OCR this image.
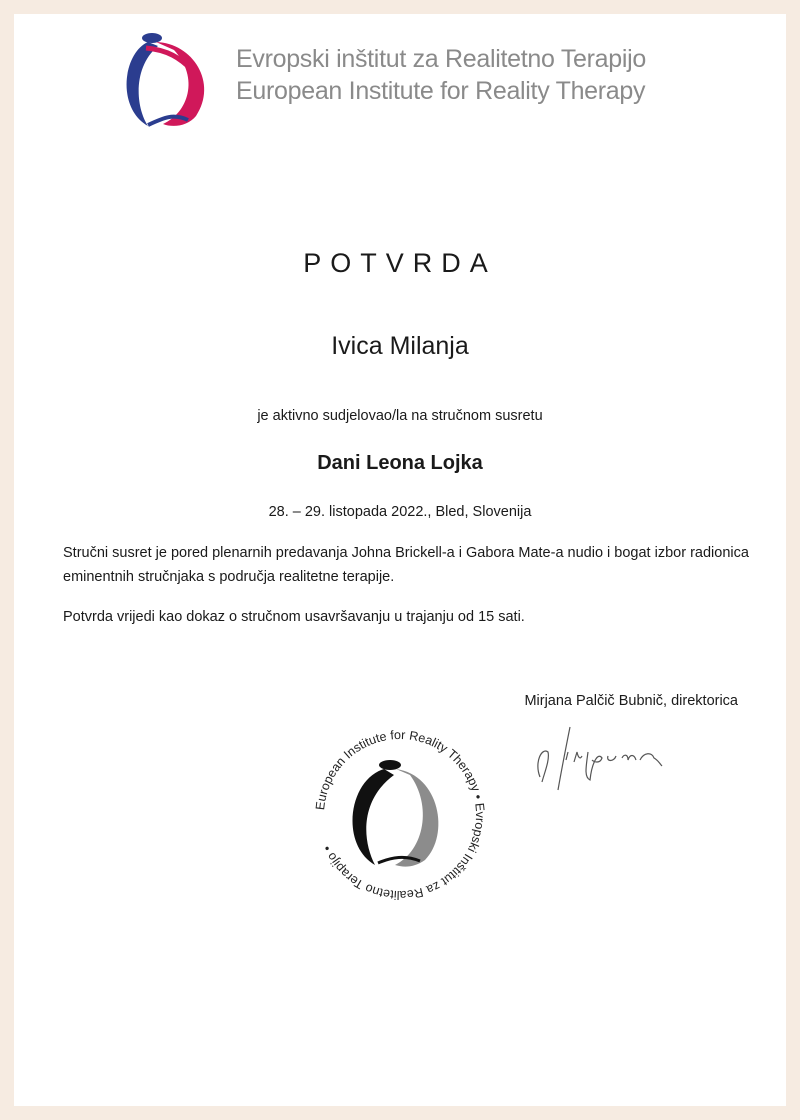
Evropski inštitut za Realitetno Terapijo
European Institute for Reality Therapy
POTVRDA
Ivica Milanja
je aktivno sudjelovao/la na stručnom susretu
Dani Leona Lojka
28. – 29. listopada 2022., Bled, Slovenija
Stručni susret je pored plenarnih predavanja Johna Brickell-a i Gabora Mate-a nudio i bogat izbor radionica eminentnih stručnjaka s područja realitetne terapije.
Potvrda vrijedi kao dokaz o stručnom usavršavanju u trajanju od 15 sati.
Mirjana Palčič Bubnič, direktorica
European Institute for Reality Therapy • Evropski Inštitut za Realitetno Terapijo •
